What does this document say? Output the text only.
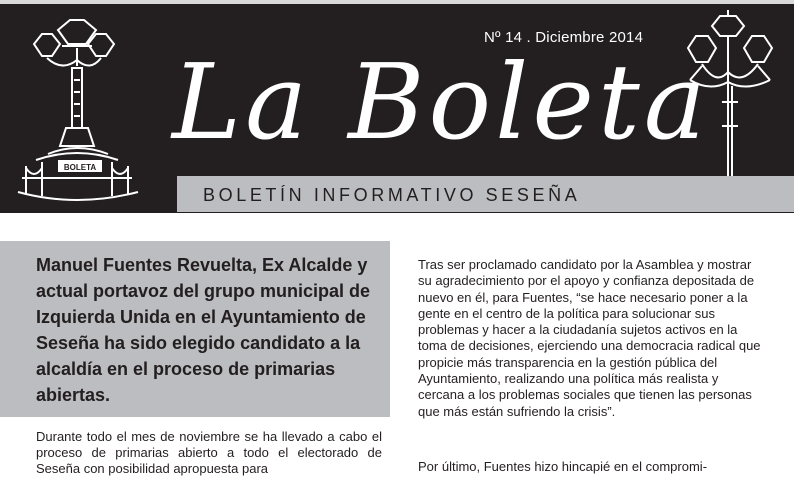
BOLETA
Nº 14 . Diciembre 2014
La Boleta
BOLETÍN INFORMATIVO SESEÑA
Manuel Fuentes Revuelta, Ex Alcalde y actual portavoz del grupo municipal de Izquierda Unida en el Ayuntamiento de Seseña ha sido elegido candidato a la alcaldía en el proceso de primarias abiertas.
Durante todo el mes de noviembre se ha llevado a cabo el proceso de primarias abierto a todo el electorado de Seseña con posibilidad apropuesta para
Tras ser proclamado candidato por la Asamblea y mostrar su agradecimiento por el apoyo y confianza depositada de nuevo en él, para Fuentes, “se hace necesario poner a la gente en el centro de la política para solucionar sus problemas y hacer a la ciudadanía sujetos activos en la toma de decisiones, ejerciendo una democracia radical que propicie más transparencia en la gestión pública del Ayuntamiento, realizando una política más realista y cercana a los problemas sociales que tienen las personas que más están sufriendo la crisis”.
Por último, Fuentes hizo hincapié en el compromi-
